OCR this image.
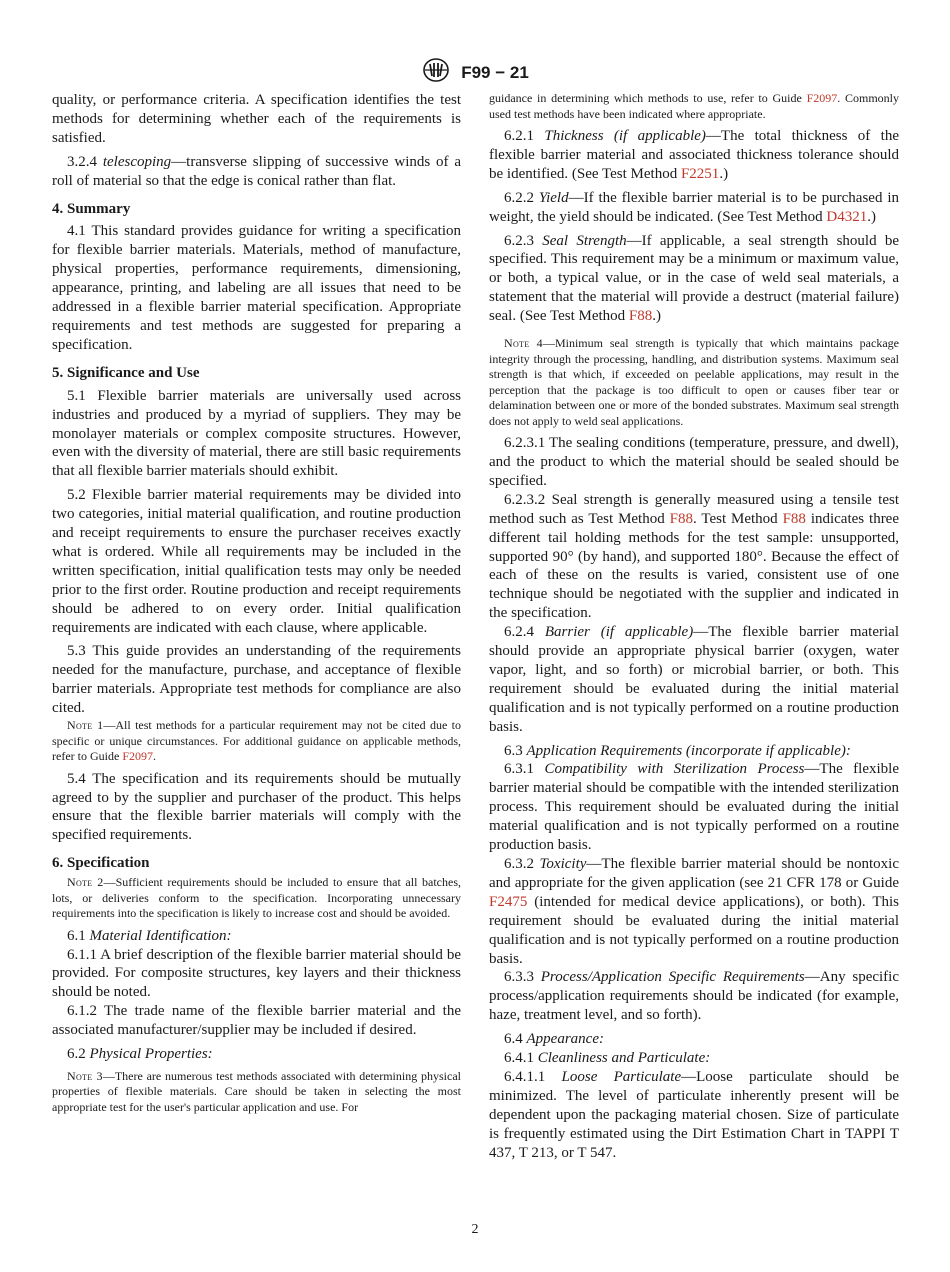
F99 − 21

quality, or performance criteria. A specification identifies the test methods for determining whether each of the requirements is satisfied.

3.2.4 telescoping—transverse slipping of successive winds of a roll of material so that the edge is conical rather than flat.

4. Summary

4.1 This standard provides guidance for writing a specification for flexible barrier materials. Materials, method of manufacture, physical properties, performance requirements, dimensioning, appearance, printing, and labeling are all issues that need to be addressed in a flexible barrier material specification. Appropriate requirements and test methods are suggested for preparing a specification.

5. Significance and Use

5.1 Flexible barrier materials are universally used across industries and produced by a myriad of suppliers. They may be monolayer materials or complex composite structures. However, even with the diversity of material, there are still basic requirements that all flexible barrier materials should exhibit.

5.2 Flexible barrier material requirements may be divided into two categories, initial material qualification, and routine production and receipt requirements to ensure the purchaser receives exactly what is ordered. While all requirements may be included in the written specification, initial qualification tests may only be needed prior to the first order. Routine production and receipt requirements should be adhered to on every order. Initial qualification requirements are indicated with each clause, where applicable.

5.3 This guide provides an understanding of the requirements needed for the manufacture, purchase, and acceptance of flexible barrier materials. Appropriate test methods for compliance are also cited.

Note 1—All test methods for a particular requirement may not be cited due to specific or unique circumstances. For additional guidance on applicable methods, refer to Guide F2097.

5.4 The specification and its requirements should be mutually agreed to by the supplier and purchaser of the product. This helps ensure that the flexible barrier materials will comply with the specified requirements.

6. Specification
Note 2—Sufficient requirements should be included to ensure that all batches, lots, or deliveries conform to the specification. Incorporating unnecessary requirements into the specification is likely to increase cost and should be avoided.

6.1 Material Identification:

6.1.1 A brief description of the flexible barrier material should be provided. For composite structures, key layers and their thickness should be noted.

6.1.2 The trade name of the flexible barrier material and the associated manufacturer/supplier may be included if desired.

6.2 Physical Properties:

Note 3—There are numerous test methods associated with determining physical properties of flexible materials. Care should be taken in selecting the most appropriate test for the user's particular application and use. For
guidance in determining which methods to use, refer to Guide F2097. Commonly used test methods have been indicated where appropriate.

6.2.1 Thickness (if applicable)—The total thickness of the flexible barrier material and associated thickness tolerance should be identified. (See Test Method F2251.)

6.2.2 Yield—If the flexible barrier material is to be purchased in weight, the yield should be indicated. (See Test Method D4321.)

6.2.3 Seal Strength—If applicable, a seal strength should be specified. This requirement may be a minimum or maximum value, or both, a typical value, or in the case of weld seal materials, a statement that the material will provide a destruct (material failure) seal. (See Test Method F88.)

Note 4—Minimum seal strength is typically that which maintains package integrity through the processing, handling, and distribution systems. Maximum seal strength is that which, if exceeded on peelable applications, may result in the perception that the package is too difficult to open or causes fiber tear or delamination between one or more of the bonded substrates. Maximum seal strength does not apply to weld seal applications.

6.2.3.1 The sealing conditions (temperature, pressure, and dwell), and the product to which the material should be sealed should be specified.

6.2.3.2 Seal strength is generally measured using a tensile test method such as Test Method F88. Test Method F88 indicates three different tail holding methods for the test sample: unsupported, supported 90° (by hand), and supported 180°. Because the effect of each of these on the results is varied, consistent use of one technique should be negotiated with the supplier and indicated in the specification.

6.2.4 Barrier (if applicable)—The flexible barrier material should provide an appropriate physical barrier (oxygen, water vapor, light, and so forth) or microbial barrier, or both. This requirement should be evaluated during the initial material qualification and is not typically performed on a routine production basis.

6.3 Application Requirements (incorporate if applicable):

6.3.1 Compatibility with Sterilization Process—The flexible barrier material should be compatible with the intended sterilization process. This requirement should be evaluated during the initial material qualification and is not typically performed on a routine production basis.

6.3.2 Toxicity—The flexible barrier material should be nontoxic and appropriate for the given application (see 21 CFR 178 or Guide F2475 (intended for medical device applications), or both). This requirement should be evaluated during the initial material qualification and is not typically performed on a routine production basis.

6.3.3 Process/Application Specific Requirements—Any specific process/application requirements should be indicated (for example, haze, treatment level, and so forth).

6.4 Appearance:

6.4.1 Cleanliness and Particulate:

6.4.1.1 Loose Particulate—Loose particulate should be minimized. The level of particulate inherently present will be dependent upon the packaging material chosen. Size of particulate is frequently estimated using the Dirt Estimation Chart in TAPPI T 437, T 213, or T 547.

2
